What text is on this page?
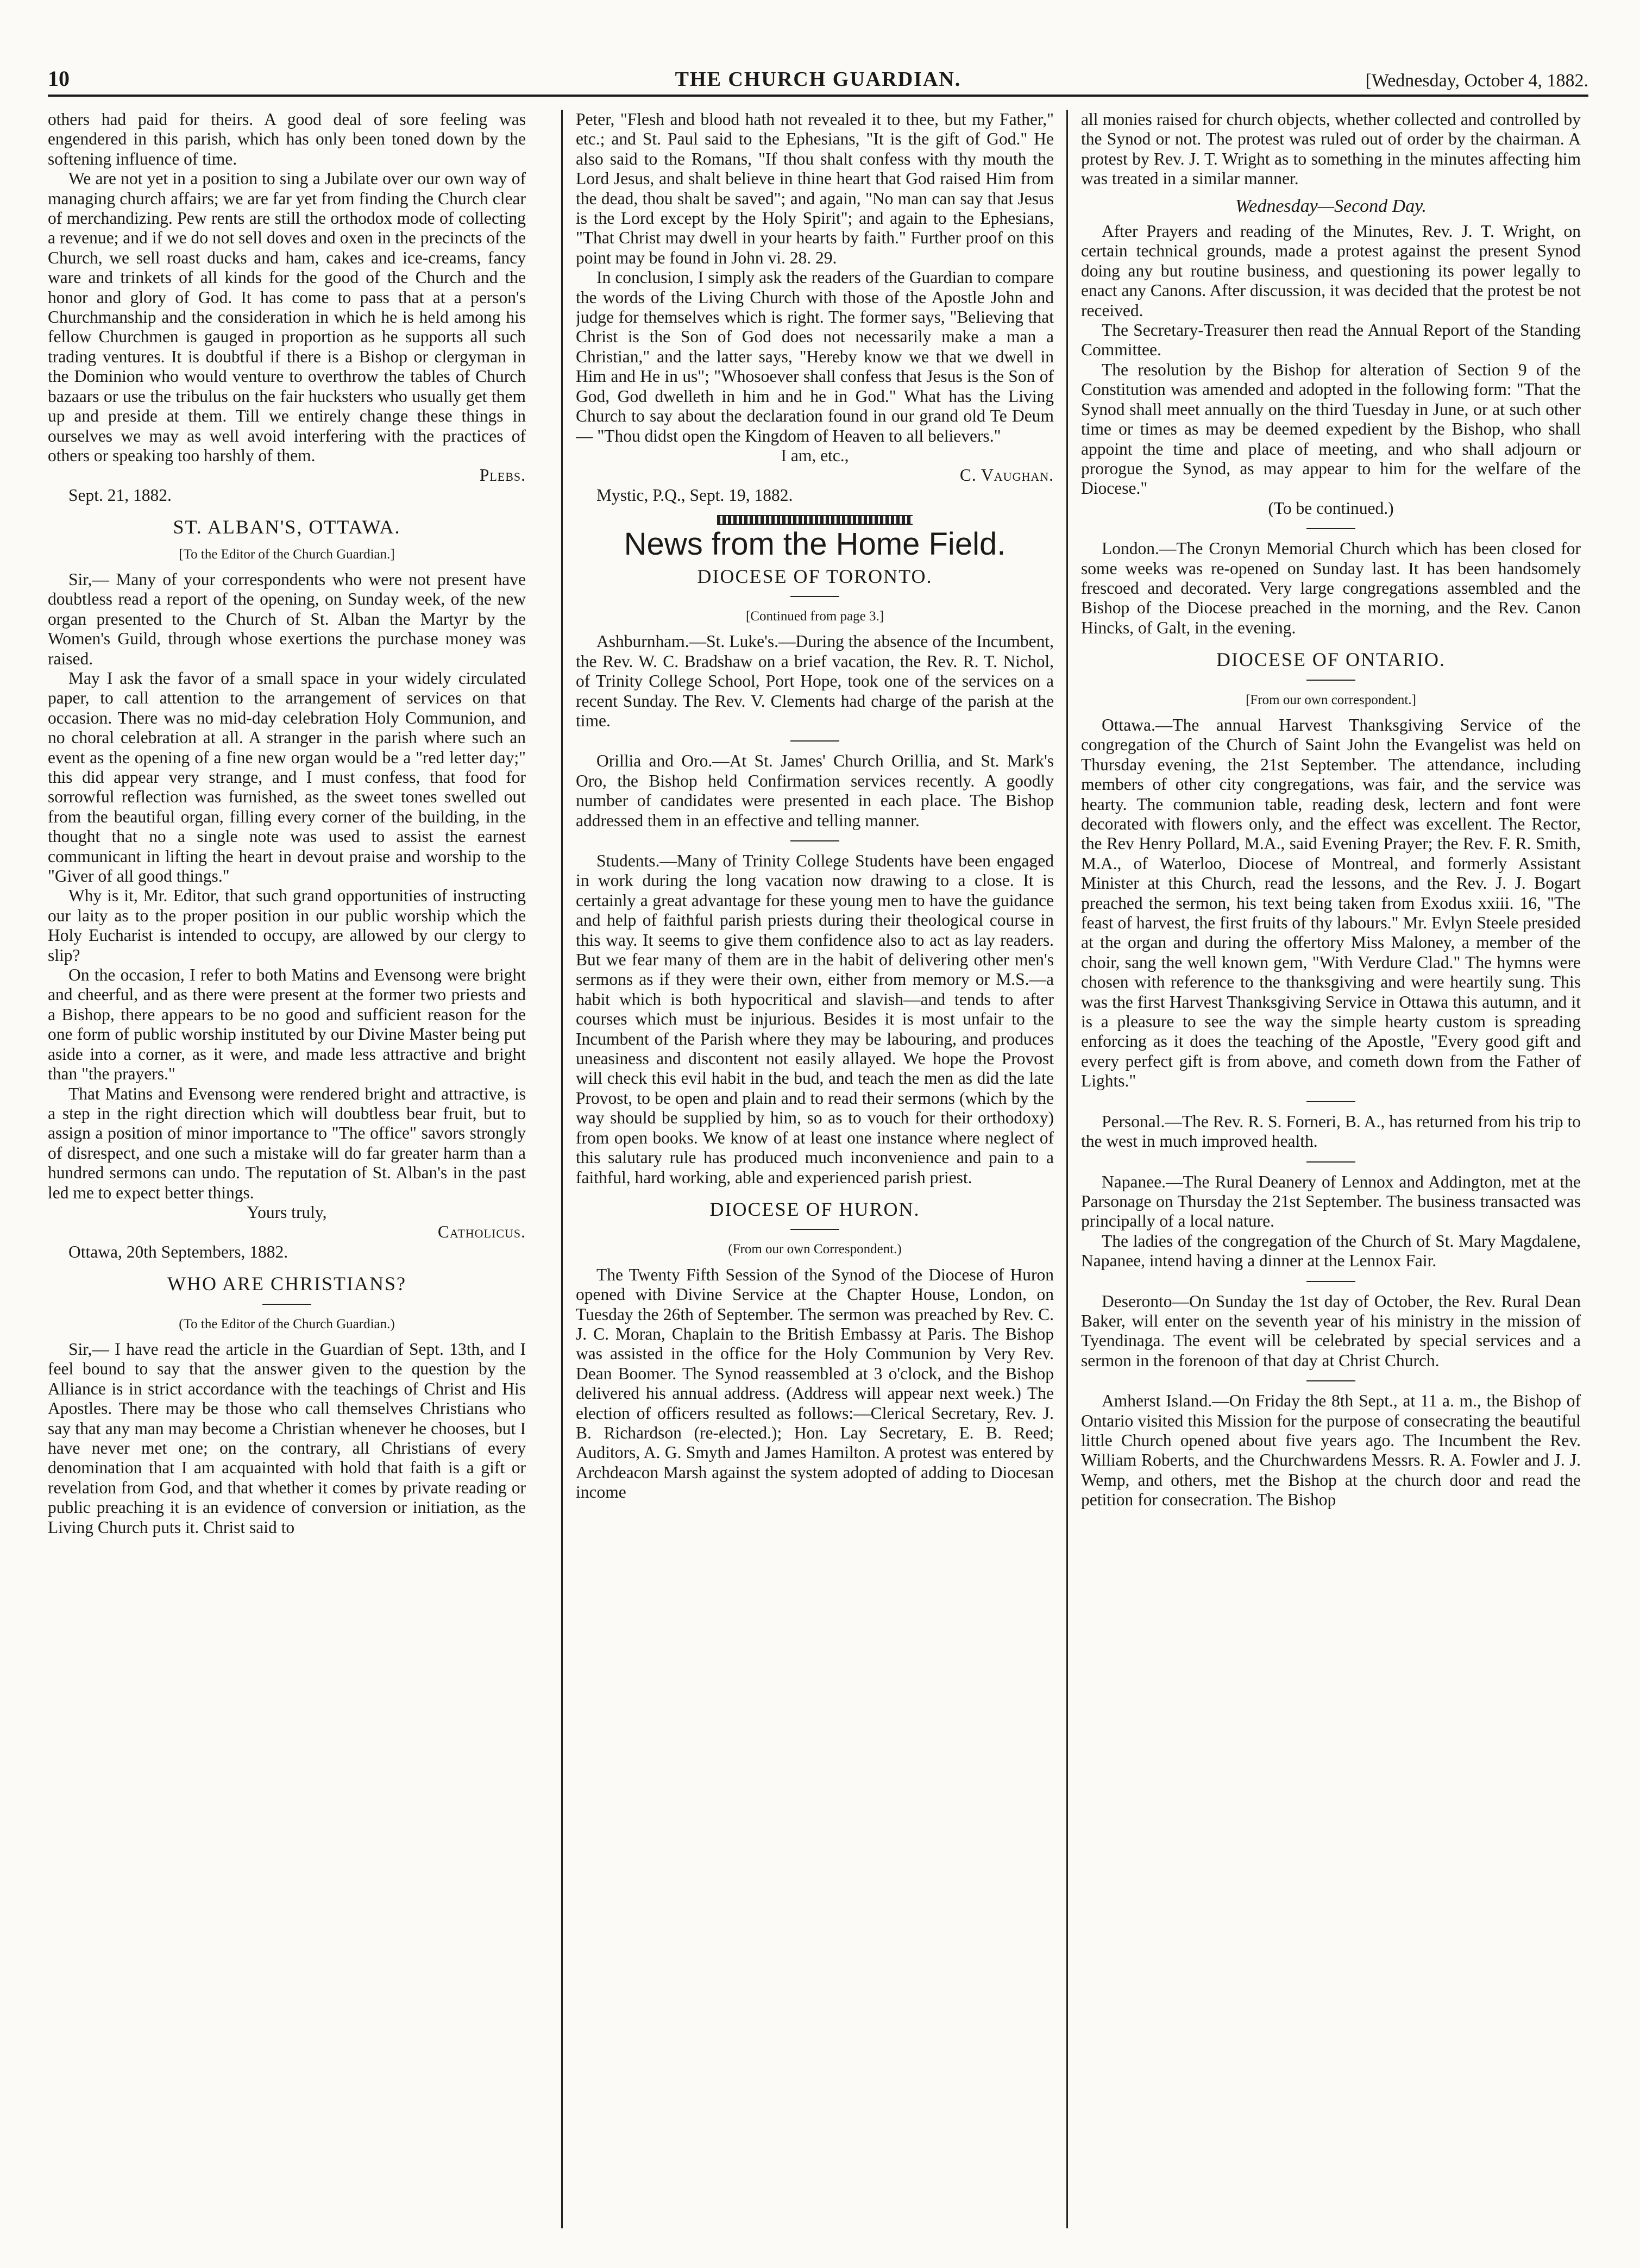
10	THE CHURCH GUARDIAN.	[Wednesday, October 4, 1882.

others had paid for theirs. A good deal of sore feeling was engendered in this parish, which has only been toned down by the softening influence of time.

We are not yet in a position to sing a Jubilate over our own way of managing church affairs; we are far yet from finding the Church clear of merchandizing. Pew rents are still the orthodox mode of collecting a revenue; and if we do not sell doves and oxen in the precincts of the Church, we sell roast ducks and ham, cakes and ice-creams, fancy ware and trinkets of all kinds for the good of the Church and the honor and glory of God. It has come to pass that at a person's Churchmanship and the consideration in which he is held among his fellow Churchmen is gauged in proportion as he supports all such trading ventures. It is doubtful if there is a Bishop or clergyman in the Dominion who would venture to overthrow the tables of Church bazaars or use the tribulus on the fair hucksters who usually get them up and preside at them. Till we entirely change these things in ourselves we may as well avoid interfering with the practices of others or speaking too harshly of them.

Plebs.

Sept. 21, 1882.

ST. ALBAN'S, OTTAWA.
[To the Editor of the Church Guardian.]

Sir,— Many of your correspondents who were not present have doubtless read a report of the opening, on Sunday week, of the new organ presented to the Church of St. Alban the Martyr by the Women's Guild, through whose exertions the purchase money was raised.

May I ask the favor of a small space in your widely circulated paper, to call attention to the arrangement of services on that occasion. There was no mid-day celebration Holy Communion, and no choral celebration at all. A stranger in the parish where such an event as the opening of a fine new organ would be a "red letter day;" this did appear very strange, and I must confess, that food for sorrowful reflection was furnished, as the sweet tones swelled out from the beautiful organ, filling every corner of the building, in the thought that no a single note was used to assist the earnest communicant in lifting the heart in devout praise and worship to the "Giver of all good things."

Why is it, Mr. Editor, that such grand opportunities of instructing our laity as to the proper position in our public worship which the Holy Eucharist is intended to occupy, are allowed by our clergy to slip?

On the occasion, I refer to both Matins and Evensong were bright and cheerful, and as there were present at the former two priests and a Bishop, there appears to be no good and sufficient reason for the one form of public worship instituted by our Divine Master being put aside into a corner, as it were, and made less attractive and bright than "the prayers."

That Matins and Evensong were rendered bright and attractive, is a step in the right direction which will doubtless bear fruit, but to assign a position of minor importance to "The office" savors strongly of disrespect, and one such a mistake will do far greater harm than a hundred sermons can undo. The reputation of St. Alban's in the past led me to expect better things.

Yours truly,

Catholicus.

Ottawa, 20th Septembers, 1882.

WHO ARE CHRISTIANS?
(To the Editor of the Church Guardian.)

Sir,— I have read the article in the Guardian of Sept. 13th, and I feel bound to say that the answer given to the question by the Alliance is in strict accordance with the teachings of Christ and His Apostles. There may be those who call themselves Christians who say that any man may become a Christian whenever he chooses, but I have never met one; on the contrary, all Christians of every denomination that I am acquainted with hold that faith is a gift or revelation from God, and that whether it comes by private reading or public preaching it is an evidence of conversion or initiation, as the Living Church puts it. Christ said to

Peter, "Flesh and blood hath not revealed it to thee, but my Father," etc.; and St. Paul said to the Ephesians, "It is the gift of God." He also said to the Romans, "If thou shalt confess with thy mouth the Lord Jesus, and shalt believe in thine heart that God raised Him from the dead, thou shalt be saved"; and again, "No man can say that Jesus is the Lord except by the Holy Spirit"; and again to the Ephesians, "That Christ may dwell in your hearts by faith." Further proof on this point may be found in John vi. 28. 29.

In conclusion, I simply ask the readers of the Guardian to compare the words of the Living Church with those of the Apostle John and judge for themselves which is right. The former says, "Believing that Christ is the Son of God does not necessarily make a man a Christian," and the latter says, "Hereby know we that we dwell in Him and He in us"; "Whosoever shall confess that Jesus is the Son of God, God dwelleth in him and he in God." What has the Living Church to say about the declaration found in our grand old Te Deum— "Thou didst open the Kingdom of Heaven to all believers."

I am, etc.,

C. Vaughan.

Mystic, P.Q., Sept. 19, 1882.

News from the Home Field.
DIOCESE OF TORONTO.
[Continued from page 3.]

Ashburnham.—St. Luke's.—During the absence of the Incumbent, the Rev. W. C. Bradshaw on a brief vacation, the Rev. R. T. Nichol, of Trinity College School, Port Hope, took one of the services on a recent Sunday. The Rev. V. Clements had charge of the parish at the time.

Orillia and Oro.—At St. James' Church Orillia, and St. Mark's Oro, the Bishop held Confirmation services recently. A goodly number of candidates were presented in each place. The Bishop addressed them in an effective and telling manner.

Students.—Many of Trinity College Students have been engaged in work during the long vacation now drawing to a close. It is certainly a great advantage for these young men to have the guidance and help of faithful parish priests during their theological course in this way. It seems to give them confidence also to act as lay readers. But we fear many of them are in the habit of delivering other men's sermons as if they were their own, either from memory or M.S.—a habit which is both hypocritical and slavish—and tends to after courses which must be injurious. Besides it is most unfair to the Incumbent of the Parish where they may be labouring, and produces uneasiness and discontent not easily allayed. We hope the Provost will check this evil habit in the bud, and teach the men as did the late Provost, to be open and plain and to read their sermons (which by the way should be supplied by him, so as to vouch for their orthodoxy) from open books. We know of at least one instance where neglect of this salutary rule has produced much inconvenience and pain to a faithful, hard working, able and experienced parish priest.

DIOCESE OF HURON.
(From our own Correspondent.)

The Twenty Fifth Session of the Synod of the Diocese of Huron opened with Divine Service at the Chapter House, London, on Tuesday the 26th of September. The sermon was preached by Rev. C. J. C. Moran, Chaplain to the British Embassy at Paris. The Bishop was assisted in the office for the Holy Communion by Very Rev. Dean Boomer. The Synod reassembled at 3 o'clock, and the Bishop delivered his annual address. (Address will appear next week.) The election of officers resulted as follows:—Clerical Secretary, Rev. J. B. Richardson (re-elected.); Hon. Lay Secretary, E. B. Reed; Auditors, A. G. Smyth and James Hamilton. A protest was entered by Archdeacon Marsh against the system adopted of adding to Diocesan income

all monies raised for church objects, whether collected and controlled by the Synod or not. The protest was ruled out of order by the chairman. A protest by Rev. J. T. Wright as to something in the minutes affecting him was treated in a similar manner.

Wednesday—Second Day.

After Prayers and reading of the Minutes, Rev. J. T. Wright, on certain technical grounds, made a protest against the present Synod doing any but routine business, and questioning its power legally to enact any Canons. After discussion, it was decided that the protest be not received.

The Secretary-Treasurer then read the Annual Report of the Standing Committee.

The resolution by the Bishop for alteration of Section 9 of the Constitution was amended and adopted in the following form: "That the Synod shall meet annually on the third Tuesday in June, or at such other time or times as may be deemed expedient by the Bishop, who shall appoint the time and place of meeting, and who shall adjourn or prorogue the Synod, as may appear to him for the welfare of the Diocese."

(To be continued.)

London.—The Cronyn Memorial Church which has been closed for some weeks was re-opened on Sunday last. It has been handsomely frescoed and decorated. Very large congregations assembled and the Bishop of the Diocese preached in the morning, and the Rev. Canon Hincks, of Galt, in the evening.

DIOCESE OF ONTARIO.
[From our own correspondent.]

Ottawa.—The annual Harvest Thanksgiving Service of the congregation of the Church of Saint John the Evangelist was held on Thursday evening, the 21st September. The attendance, including members of other city congregations, was fair, and the service was hearty. The communion table, reading desk, lectern and font were decorated with flowers only, and the effect was excellent. The Rector, the Rev Henry Pollard, M.A., said Evening Prayer; the Rev. F. R. Smith, M.A., of Waterloo, Diocese of Montreal, and formerly Assistant Minister at this Church, read the lessons, and the Rev. J. J. Bogart preached the sermon, his text being taken from Exodus xxiii. 16, "The feast of harvest, the first fruits of thy labours." Mr. Evlyn Steele presided at the organ and during the offertory Miss Maloney, a member of the choir, sang the well known gem, "With Verdure Clad." The hymns were chosen with reference to the thanksgiving and were heartily sung. This was the first Harvest Thanksgiving Service in Ottawa this autumn, and it is a pleasure to see the way the simple hearty custom is spreading enforcing as it does the teaching of the Apostle, "Every good gift and every perfect gift is from above, and cometh down from the Father of Lights."

Personal.—The Rev. R. S. Forneri, B. A., has returned from his trip to the west in much improved health.

Napanee.—The Rural Deanery of Lennox and Addington, met at the Parsonage on Thursday the 21st September. The business transacted was principally of a local nature.

The ladies of the congregation of the Church of St. Mary Magdalene, Napanee, intend having a dinner at the Lennox Fair.

Deseronto—On Sunday the 1st day of October, the Rev. Rural Dean Baker, will enter on the seventh year of his ministry in the mission of Tyendinaga. The event will be celebrated by special services and a sermon in the forenoon of that day at Christ Church.

Amherst Island.—On Friday the 8th Sept., at 11 a. m., the Bishop of Ontario visited this Mission for the purpose of consecrating the beautiful little Church opened about five years ago. The Incumbent the Rev. William Roberts, and the Churchwardens Messrs. R. A. Fowler and J. J. Wemp, and others, met the Bishop at the church door and read the petition for consecration. The Bishop
